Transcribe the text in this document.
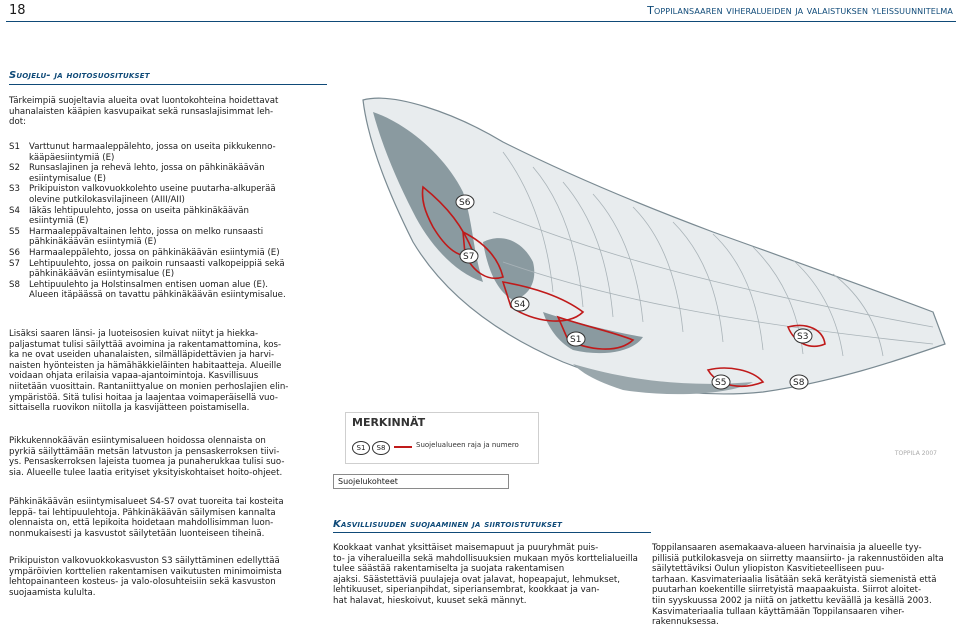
18	Toppilansaaren viheralueiden ja valaistuksen yleissuunnitelma
Suojelu- ja hoitosuositukset
Tärkeimpiä suojeltavia alueita ovat luontokohteina hoidettavat
uhanalaisten kääpien kasvupaikat sekä runsaslajisimmat leh-
dot:
S1	Varttunut harmaaleppälehto, jossa on useita pikkukenno-
kääpäesiintymiä (E)
S2	Runsaslajinen ja rehevä lehto, jossa on pähkinäkäävän
esiintymisalue (E)
S3	Prikipuiston valkovuokkolehto useine puutarha-alkuperää
olevine putkilokasvilajineen (AIII/AII)
S4	Iäkäs lehtipuulehto, jossa on useita pähkinäkäävän
esiintymiä (E)
S5	Harmaaleppävaltainen lehto, jossa on melko runsaasti
pähkinäkäävän esiintymiä (E)
S6	Harmaaleppälehto, jossa on pähkinäkäävän esiintymiä (E)
S7	Lehtipuulehto, jossa on paikoin runsaasti valkopeippiä sekä
pähkinäkäävän esiintymisalue (E)
S8	Lehtipuulehto ja Holstinsalmen entisen uoman alue (E).
Alueen itäpäässä on tavattu pähkinäkäävän esiintymisalue.
Lisäksi saaren länsi- ja luoteisosien kuivat niityt ja hiekka-
paljastumat tulisi säilyttää avoimina ja rakentamattomina, kos-
ka ne ovat useiden uhanalaisten, silmälläpidettävien ja harvi-
naisten hyönteisten ja hämähäkkieläinten habitaatteja. Alueille
voidaan ohjata erilaisia vapaa-ajantoimintoja. Kasvillisuus
niitetään vuosittain. Rantaniittyalue on monien perhoslajien elin-
ympäristöä. Sitä tulisi hoitaa ja laajentaa voimaperäisellä vuo-
sittaisella ruovikon niitolla ja kasvijätteen poistamisella.
Pikkukennokäävän esiintymisalueen hoidossa olennaista on
pyrkiä säilyttämään metsän latvuston ja pensaskerroksen tiivi-
ys. Pensaskerroksen lajeista tuomea ja punaherukkaa tulisi suo-
sia. Alueelle tulee laatia erityiset yksityiskohtaiset hoito-ohjeet.
Pähkinäkäävän esiintymisalueet S4-S7 ovat tuoreita tai kosteita
leppä- tai lehtipuulehtoja. Pähkinäkäävän säilymisen kannalta
olennaista on, että lepikoita hoidetaan mahdollisimman luon-
nonmukaisesti ja kasvustot säilytetään luonteiseen tiheinä.
Prikipuiston valkovuokkokasvuston S3 säilyttäminen edellyttää
ympäröivien korttelien rakentamisen vaikutusten minimoimista
lehtopainanteen kosteus- ja valo-olosuhteisiin sekä kasvuston
suojaamista kululta.
S6
S7
S4
S1	S3
S5	S8
MERKINNÄT
S1	S8	Suojelualueen raja ja numero
TOPPILA 2007
Suojelukohteet
Kasvillisuuden suojaaminen ja siirtoistutukset
Kookkaat vanhat yksittäiset maisemapuut ja puuryhmät puis-
to- ja viheralueilla sekä mahdollisuuksien mukaan myös korttelialueilla tulee säästää rakentamiselta ja suojata rakentamisen
ajaksi. Säästettäviä puulajeja ovat jalavat, hopeapajut, lehmukset,
lehtikuuset, siperianpihdat, siperiansembrat, kookkaat ja van-
hat halavat, hieskoivut, kuuset sekä männyt.
Toppilansaaren asemakaava-alueen harvinaisia ja alueelle tyy-
pillisiä putkilokasveja on siirretty maansiirto- ja rakennustöiden alta säilytettäviksi Oulun yliopiston Kasvitieteelliseen puu-
tarhaan. Kasvimateriaalia lisätään sekä kerätyistä siemenistä että
puutarhan koekentille siirretyistä maapaakuista. Siirrot aloitet-
tiin syyskuussa 2002 ja niitä on jatkettu keväällä ja kesällä 2003.
Kasvimateriaalia tullaan käyttämään Toppilansaaren viher-
rakennuksessa.
